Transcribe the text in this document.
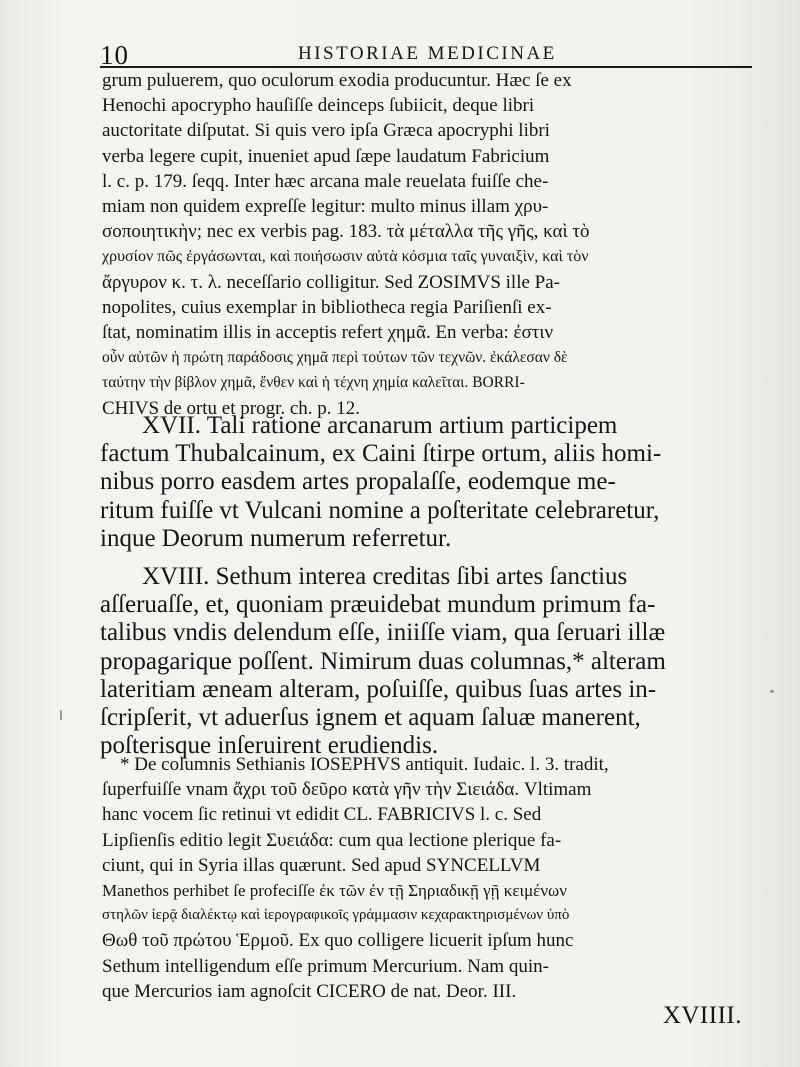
10	HISTORIAE MEDICINAE

grum puluerem, quo oculorum exodia producuntur. Hæc ſe ex

Henochi apocrypho hauſiſſe deinceps ſubiicit, deque libri

auctoritate diſputat. Si quis vero ipſa Græca apocryphi libri

verba legere cupit, inueniet apud ſæpe laudatum Fabricium

l. c. p. 179. ſeqq. Inter hæc arcana male reuelata fuiſſe che-

miam non quidem expreſſe legitur: multo minus illam χρυ-

σοποιητικὴν; nec ex verbis pag. 183. τὰ μέταλλα τῆς γῆς, καὶ τὸ

χρυσίον πῶς ἐργάσωνται, καὶ ποιήσωσιν αὐτὰ κόσμια ταῖς γυναιξὶν, καὶ τὸν

ἄργυρον κ. τ. λ. neceſſario colligitur. Sed ZOSIMVS ille Pa-

nopolites, cuius exemplar in bibliotheca regia Pariſienſi ex-

ſtat, nominatim illis in acceptis refert χημᾶ. En verba: ἐστιν

οὖν αὐτῶν ἡ πρώτη παράδοσις χημᾶ περὶ τούτων τῶν τεχνῶν. ἐκάλεσαν δὲ

ταύτην τὴν βίβλον χημᾶ, ἔνθεν καὶ ἡ τέχνη χημία καλεῖται. BORRI-

CHIVS de ortu et progr. ch. p. 12.

XVII. Tali ratione arcanarum artium participem

factum Thubalcainum, ex Caini ſtirpe ortum, aliis homi-

nibus porro easdem artes propalaſſe, eodemque me-

ritum fuiſſe vt Vulcani nomine a poſteritate celebraretur,

inque Deorum numerum referretur.

XVIII. Sethum interea creditas ſibi artes ſanctius

aſſeruaſſe, et, quoniam præuidebat mundum primum fa-

talibus vndis delendum eſſe, iniiſſe viam, qua ſeruari illæ

propagarique poſſent. Nimirum duas columnas,* alteram

lateritiam æneam alteram, poſuiſſe, quibus ſuas artes in-

ſcripſerit, vt aduerſus ignem et aquam ſaluæ manerent,

poſterisque inſeruirent erudiendis.

* De columnis Sethianis IOSEPHVS antiquit. Iudaic. l. 3. tradit,

ſuperfuiſſe vnam ἄχρι τοῦ δεῦρο κατὰ γῆν τὴν Σιειάδα. Vltimam

hanc vocem ſic retinui vt edidit CL. FABRICIVS l. c. Sed

Lipſienſis editio legit Συειάδα: cum qua lectione plerique fa-

ciunt, qui in Syria illas quærunt. Sed apud SYNCELLVM

Manethos perhibet ſe profeciſſe ἐκ τῶν ἐν τῇ Σηριαδικῇ γῇ κειμένων

στηλῶν ἱερᾷ διαλέκτῳ καὶ ἱερογραφικοῖς γράμμασιν κεχαρακτηρισμένων ὑπὸ

Θωθ τοῦ πρώτου Ἑρμοῦ. Ex quo colligere licuerit ipſum hunc

Sethum intelligendum eſſe primum Mercurium. Nam quin-

que Mercurios iam agnoſcit CICERO de nat. Deor. III.

XVIIII.
